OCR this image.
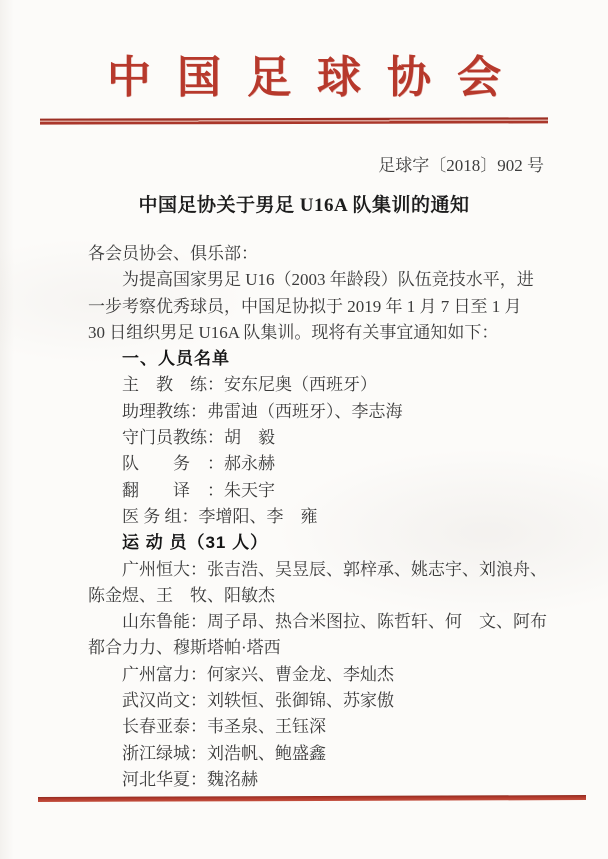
中国足球协会
足球字〔2018〕902 号
中国足协关于男足 U16A 队集训的通知

各会员协会、俱乐部：

为提高国家男足 U16（2003 年龄段）队伍竞技水平，进

一步考察优秀球员，中国足协拟于 2019 年 1 月 7 日至 1 月

30 日组织男足 U16A 队集训。现将有关事宜通知如下：

一、人员名单

主　教　练：安东尼奥（西班牙）

助理教练：弗雷迪（西班牙）、李志海

守门员教练：胡　毅

队　　务　：郝永赫

翻　　译　：朱天宇

医 务 组：李增阳、李　雍

运 动 员（31 人）

广州恒大：张吉浩、吴昱辰、郭梓承、姚志宇、刘浪舟、

陈金煜、王　牧、阳敏杰

山东鲁能：周子昂、热合米图拉、陈哲轩、何　文、阿布

都合力力、穆斯塔帕·塔西

广州富力：何家兴、曹金龙、李灿杰

武汉尚文：刘轶恒、张御锦、苏家傲

长春亚泰：韦圣泉、王钰深

浙江绿城：刘浩帆、鲍盛鑫

河北华夏：魏洺赫
